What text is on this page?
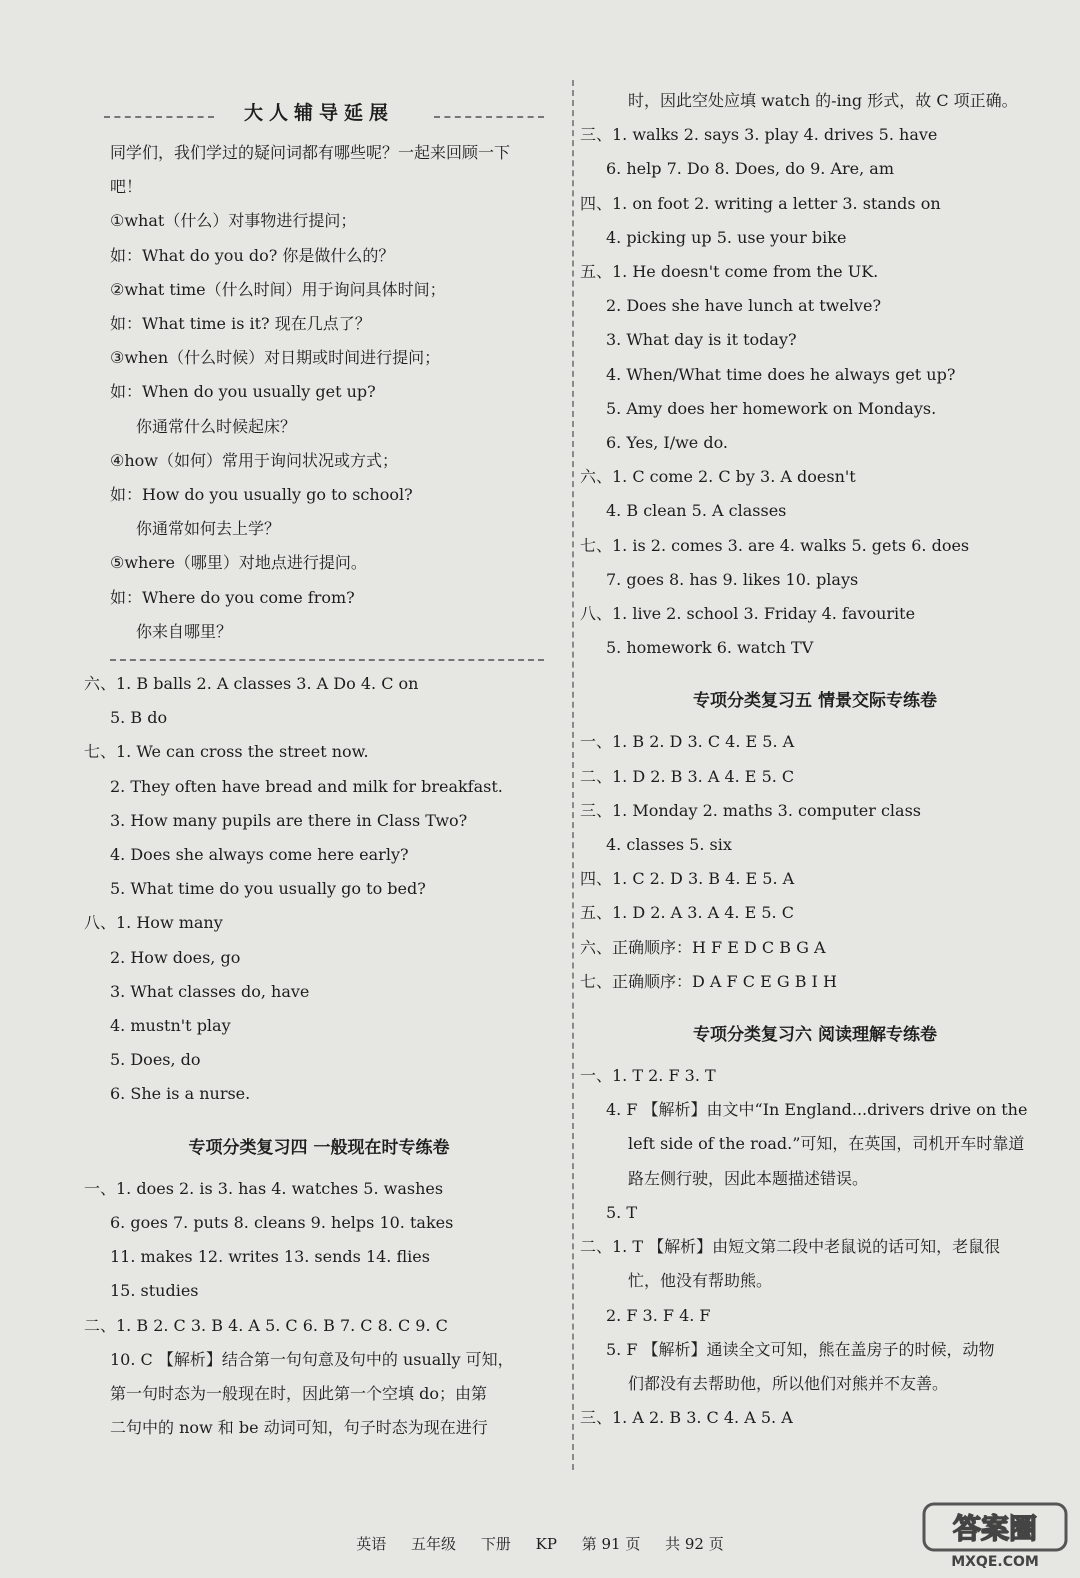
大人辅导延展
同学们，我们学过的疑问词都有哪些呢？一起来回顾一下
吧！
①what（什么）对事物进行提问；
如：What do you do? 你是做什么的？
②what time（什么时间）用于询问具体时间；
如：What time is it? 现在几点了？
③when（什么时候）对日期或时间进行提问；
如：When do you usually get up?
你通常什么时候起床？
④how（如何）常用于询问状况或方式；
如：How do you usually go to school?
你通常如何去上学？
⑤where（哪里）对地点进行提问。
如：Where do you come from?
你来自哪里？
六、1. B balls 2. A classes 3. A Do 4. C on
5. B do
七、1. We can cross the street now.
2. They often have bread and milk for breakfast.
3. How many pupils are there in Class Two?
4. Does she always come here early?
5. What time do you usually go to bed?
八、1. How many
2. How does, go
3. What classes do, have
4. mustn't play
5. Does, do
6. She is a nurse.
专项分类复习四 一般现在时专练卷
一、1. does 2. is 3. has 4. watches 5. washes
6. goes 7. puts 8. cleans 9. helps 10. takes
11. makes 12. writes 13. sends 14. flies
15. studies
二、1. B 2. C 3. B 4. A 5. C 6. B 7. C 8. C 9. C
10. C 【解析】结合第一句句意及句中的 usually 可知，
第一句时态为一般现在时，因此第一个空填 do；由第
二句中的 now 和 be 动词可知，句子时态为现在进行
时，因此空处应填 watch 的-ing 形式，故 C 项正确。
三、1. walks 2. says 3. play 4. drives 5. have
6. help 7. Do 8. Does, do 9. Are, am
四、1. on foot 2. writing a letter 3. stands on
4. picking up 5. use your bike
五、1. He doesn't come from the UK.
2. Does she have lunch at twelve?
3. What day is it today?
4. When/What time does he always get up?
5. Amy does her homework on Mondays.
6. Yes, I/we do.
六、1. C come 2. C by 3. A doesn't
4. B clean 5. A classes
七、1. is 2. comes 3. are 4. walks 5. gets 6. does
7. goes 8. has 9. likes 10. plays
八、1. live 2. school 3. Friday 4. favourite
5. homework 6. watch TV
专项分类复习五 情景交际专练卷
一、1. B 2. D 3. C 4. E 5. A
二、1. D 2. B 3. A 4. E 5. C
三、1. Monday 2. maths 3. computer class
4. classes 5. six
四、1. C 2. D 3. B 4. E 5. A
五、1. D 2. A 3. A 4. E 5. C
六、正确顺序：H F E D C B G A
七、正确顺序：D A F C E G B I H
专项分类复习六 阅读理解专练卷
一、1. T 2. F 3. T
4. F 【解析】由文中“In England...drivers drive on the
left side of the road.”可知，在英国，司机开车时靠道
路左侧行驶，因此本题描述错误。
5. T
二、1. T 【解析】由短文第二段中老鼠说的话可知，老鼠很
忙，他没有帮助熊。
2. F 3. F 4. F
5. F 【解析】通读全文可知，熊在盖房子的时候，动物
们都没有去帮助他，所以他们对熊并不友善。
三、1. A 2. B 3. C 4. A 5. A
英语 五年级 下册 KP 第 91 页 共 92 页	答案圈
MXQE.COM
